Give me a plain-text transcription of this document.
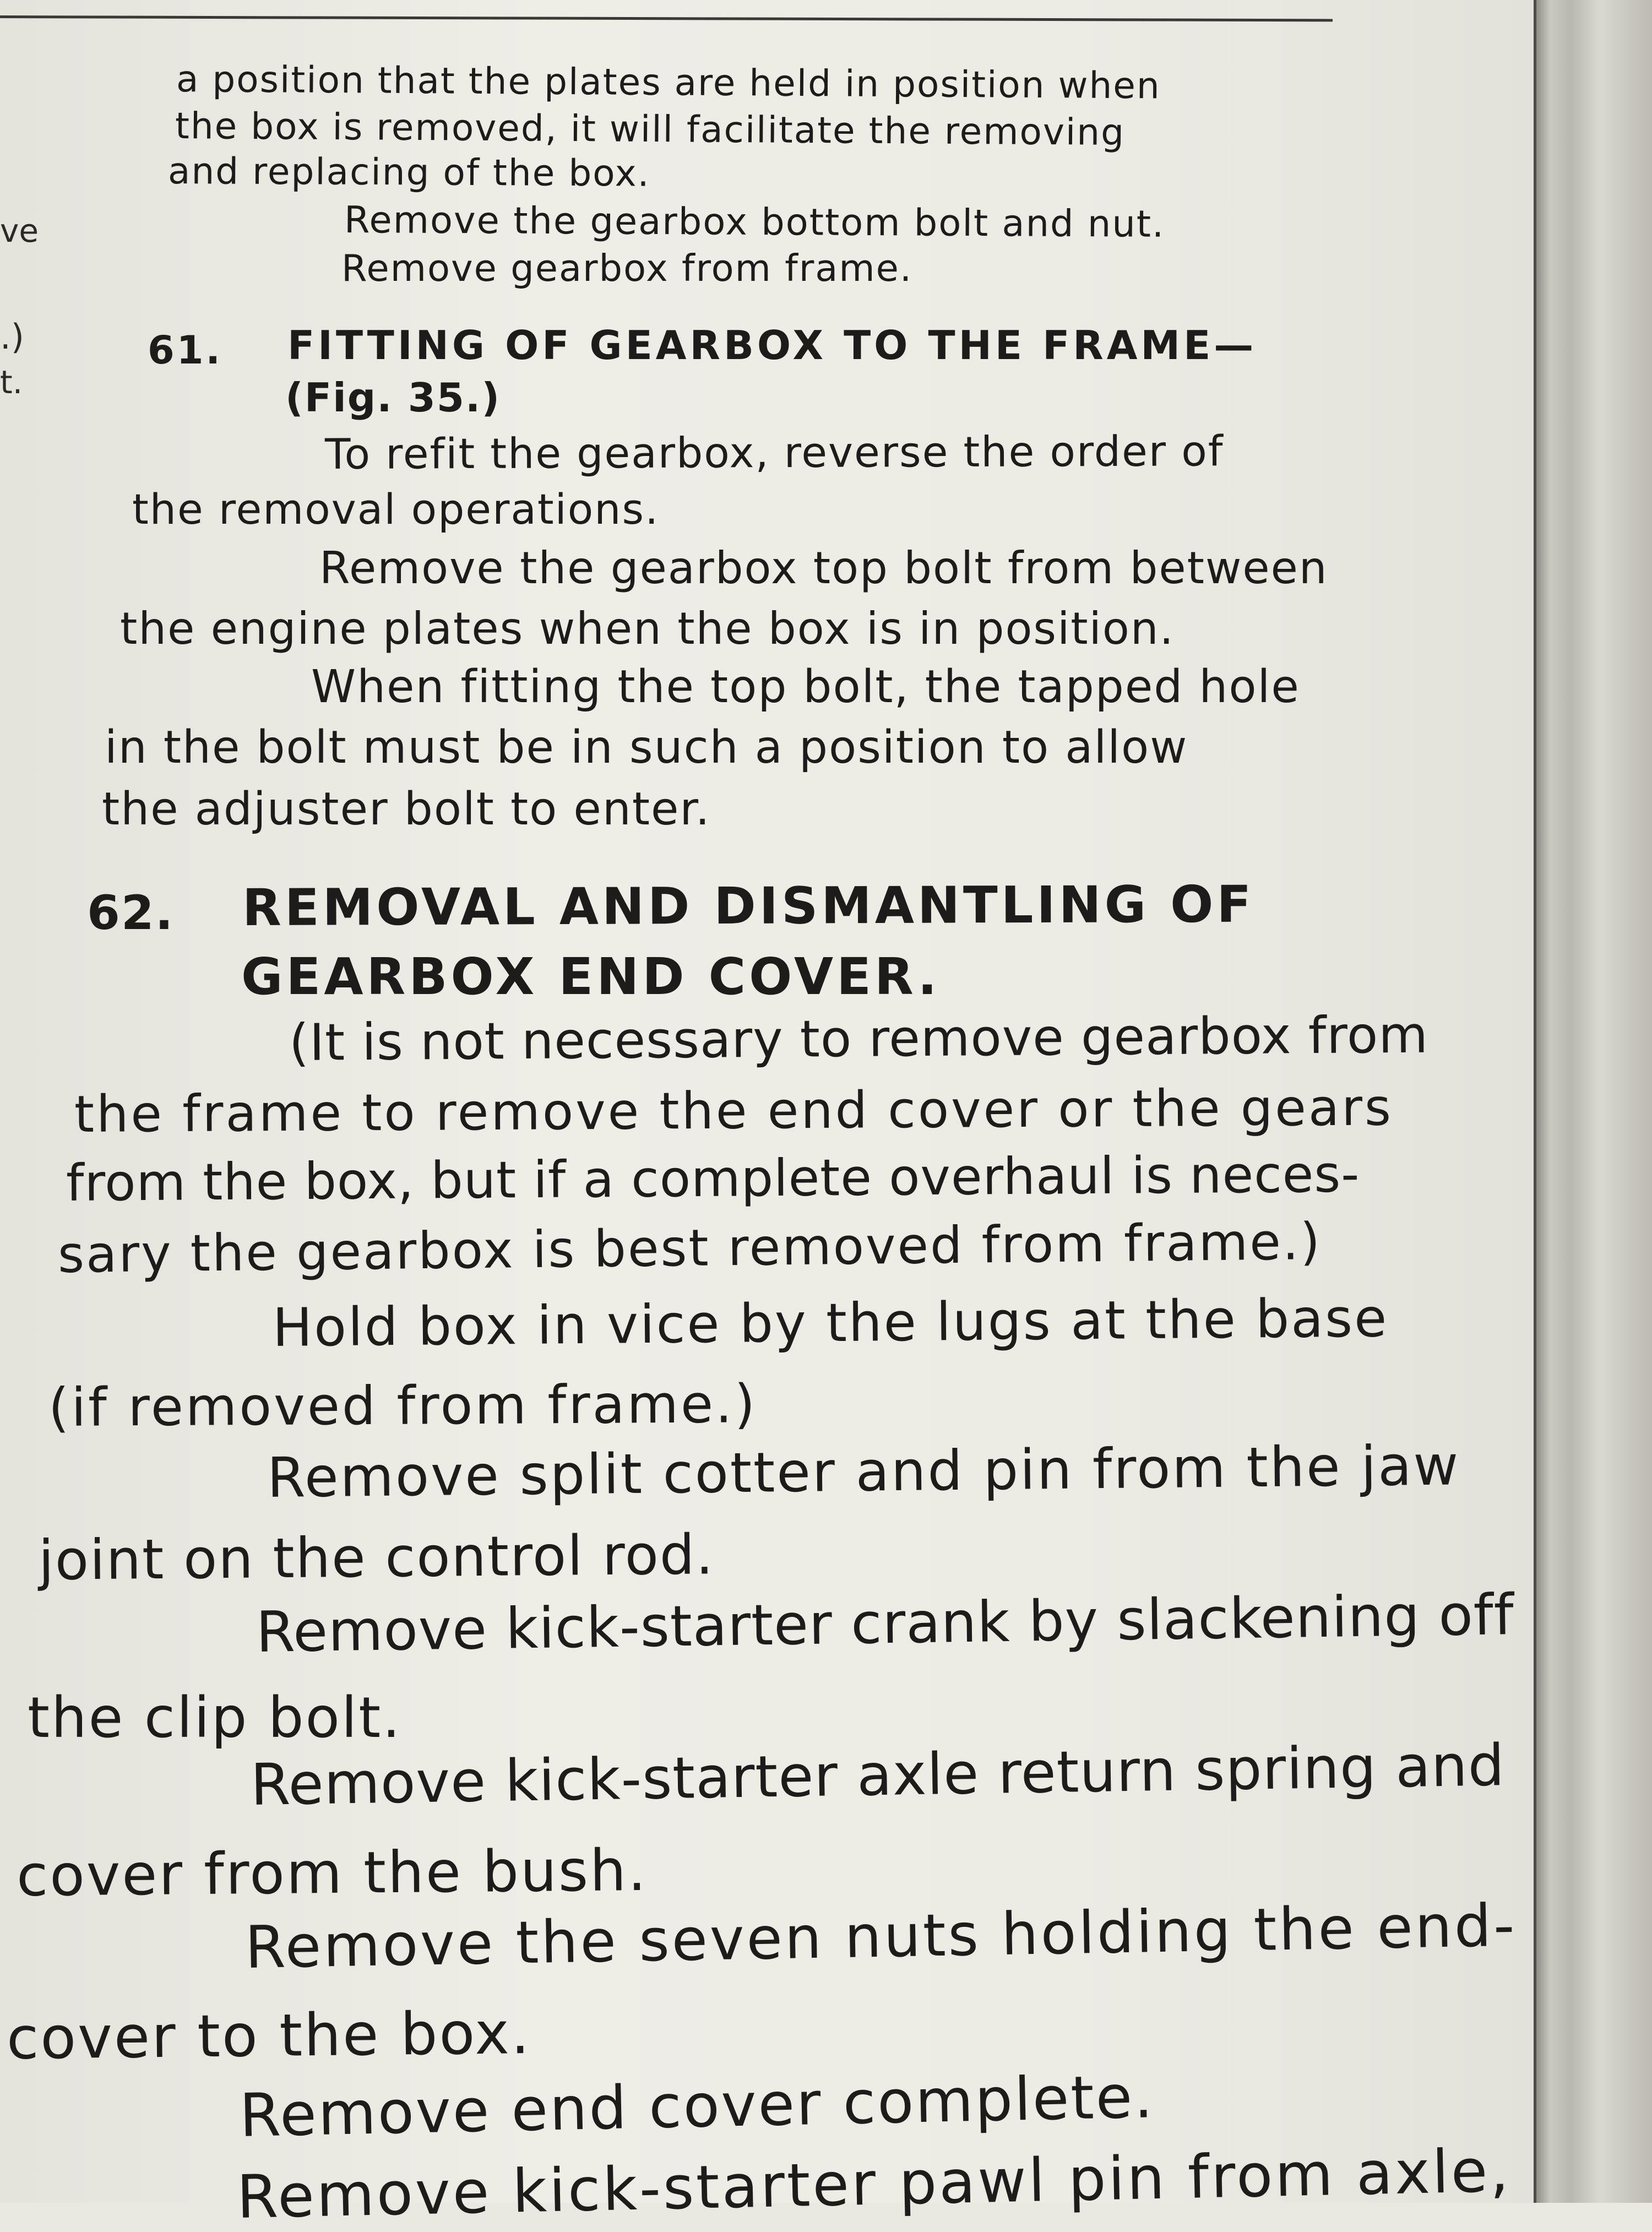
ve
.)
t.
a position that the plates are held in position when
the box is removed, it will facilitate the removing
and replacing of the box.
Remove the gearbox bottom bolt and nut.
Remove gearbox from frame.
61. FITTING OF GEARBOX TO THE FRAME—
(Fig. 35.)
To refit the gearbox, reverse the order of
the removal operations.
Remove the gearbox top bolt from between
the engine plates when the box is in position.
When fitting the top bolt, the tapped hole
in the bolt must be in such a position to allow
the adjuster bolt to enter.
62. REMOVAL AND DISMANTLING OF
GEARBOX END COVER.
(It is not necessary to remove gearbox from
the frame to remove the end cover or the gears
from the box, but if a complete overhaul is neces-
sary the gearbox is best removed from frame.)
Hold box in vice by the lugs at the base
(if removed from frame.)
Remove split cotter and pin from the jaw
joint on the control rod.
Remove kick-starter crank by slackening off
the clip bolt.
Remove kick-starter axle return spring and
cover from the bush.
Remove the seven nuts holding the end-
cover to the box.
Remove end cover complete.
Remove kick-starter pawl pin from axle,
